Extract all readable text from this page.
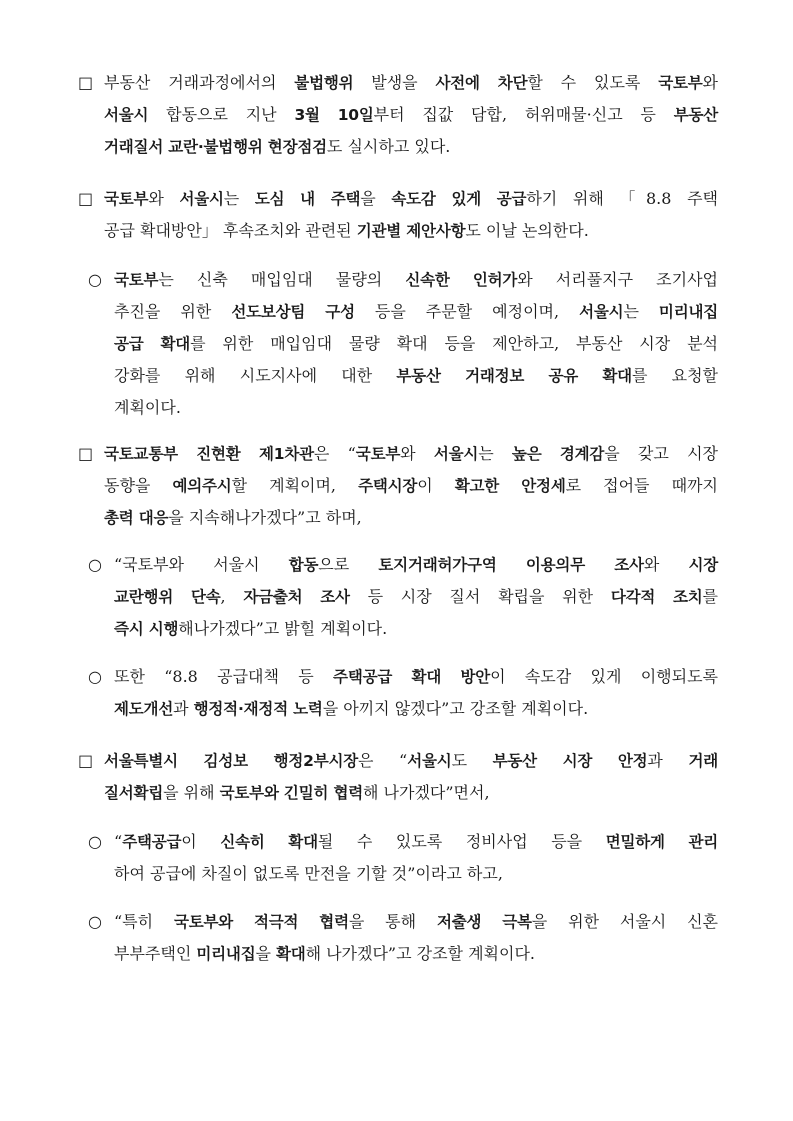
□ 부동산 거래과정에서의 불법행위 발생을 사전에 차단할 수 있도록 국토부와
서울시 합동으로 지난 3월 10일부터 집값 담합, 허위매물·신고 등 부동산
거래질서 교란·불법행위 현장점검도 실시하고 있다.
□ 국토부와 서울시는 도심 내 주택을 속도감 있게 공급하기 위해 「8.8 주택
공급 확대방안」 후속조치와 관련된 기관별 제안사항도 이날 논의한다.
○ 국토부는 신축 매입임대 물량의 신속한 인허가와 서리풀지구 조기사업
추진을 위한 선도보상팀 구성 등을 주문할 예정이며, 서울시는 미리내집
공급 확대를 위한 매입임대 물량 확대 등을 제안하고, 부동산 시장 분석
강화를 위해 시도지사에 대한 부동산 거래정보 공유 확대를 요청할
계획이다.
□ 국토교통부 진현환 제1차관은 “국토부와 서울시는 높은 경계감을 갖고 시장
동향을 예의주시할 계획이며, 주택시장이 확고한 안정세로 접어들 때까지
총력 대응을 지속해나가겠다”고 하며,
○ “국토부와 서울시 합동으로 토지거래허가구역 이용의무 조사와 시장
교란행위 단속, 자금출처 조사 등 시장 질서 확립을 위한 다각적 조치를
즉시 시행해나가겠다”고 밝힐 계획이다.
○ 또한 “8.8 공급대책 등 주택공급 확대 방안이 속도감 있게 이행되도록
제도개선과 행정적·재정적 노력을 아끼지 않겠다”고 강조할 계획이다.
□ 서울특별시 김성보 행정2부시장은 “서울시도 부동산 시장 안정과 거래
질서확립을 위해 국토부와 긴밀히 협력해 나가겠다”면서,
○ “주택공급이 신속히 확대될 수 있도록 정비사업 등을 면밀하게 관리
하여 공급에 차질이 없도록 만전을 기할 것”이라고 하고,
○ “특히 국토부와 적극적 협력을 통해 저출생 극복을 위한 서울시 신혼
부부주택인 미리내집을 확대해 나가겠다”고 강조할 계획이다.
